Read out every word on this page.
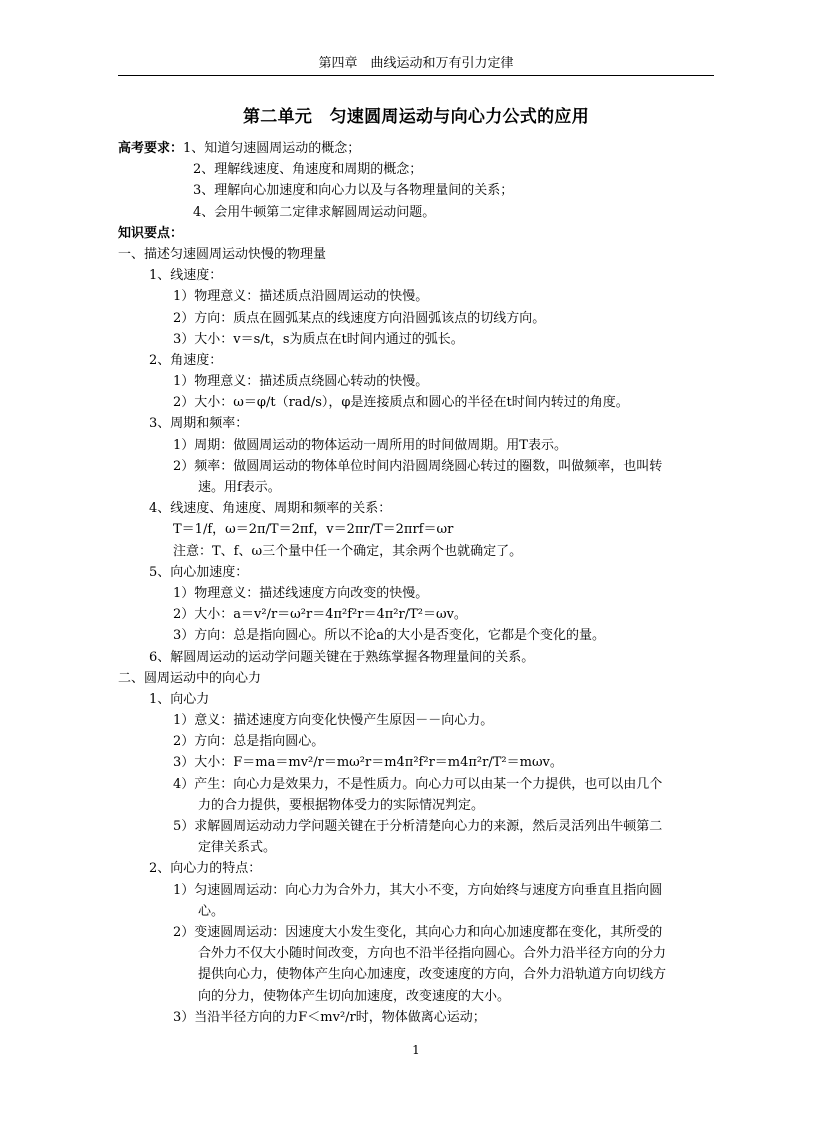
第四章　曲线运动和万有引力定律
第二单元　匀速圆周运动与向心力公式的应用
高考要求：1、知道匀速圆周运动的概念；
2、理解线速度、角速度和周期的概念；
3、理解向心加速度和向心力以及与各物理量间的关系；
4、会用牛顿第二定律求解圆周运动问题。
知识要点：
一、描述匀速圆周运动快慢的物理量
1、线速度：
1）物理意义：描述质点沿圆周运动的快慢。
2）方向：质点在圆弧某点的线速度方向沿圆弧该点的切线方向。
3）大小：v＝s/t，s为质点在t时间内通过的弧长。
2、角速度：
1）物理意义：描述质点绕圆心转动的快慢。
2）大小：ω＝φ/t（rad/s），φ是连接质点和圆心的半径在t时间内转过的角度。
3、周期和频率：
1）周期：做圆周运动的物体运动一周所用的时间做周期。用T表示。
2）频率：做圆周运动的物体单位时间内沿圆周绕圆心转过的圈数，叫做频率，也叫转
速。用f表示。
4、线速度、角速度、周期和频率的关系：
T＝1/f，ω＝2π/T＝2πf，v＝2πr/T＝2πrf＝ωr
注意：T、f、ω三个量中任一个确定，其余两个也就确定了。
5、向心加速度：
1）物理意义：描述线速度方向改变的快慢。
2）大小：a＝v²/r＝ω²r＝4π²f²r＝4π²r/T²＝ωv。
3）方向：总是指向圆心。所以不论a的大小是否变化，它都是个变化的量。
6、解圆周运动的运动学问题关键在于熟练掌握各物理量间的关系。
二、圆周运动中的向心力
1、向心力
1）意义：描述速度方向变化快慢产生原因－－向心力。
2）方向：总是指向圆心。
3）大小：F＝ma＝mv²/r＝mω²r＝m4π²f²r＝m4π²r/T²＝mωv。
4）产生：向心力是效果力，不是性质力。向心力可以由某一个力提供，也可以由几个
力的合力提供，要根据物体受力的实际情况判定。
5）求解圆周运动动力学问题关键在于分析清楚向心力的来源，然后灵活列出牛顿第二
定律关系式。
2、向心力的特点：
1）匀速圆周运动：向心力为合外力，其大小不变，方向始终与速度方向垂直且指向圆
心。
2）变速圆周运动：因速度大小发生变化，其向心力和向心加速度都在变化，其所受的
合外力不仅大小随时间改变，方向也不沿半径指向圆心。合外力沿半径方向的分力
提供向心力，使物体产生向心加速度，改变速度的方向，合外力沿轨道方向切线方
向的分力，使物体产生切向加速度，改变速度的大小。
3）当沿半径方向的力F＜mv²/r时，物体做离心运动；
1
